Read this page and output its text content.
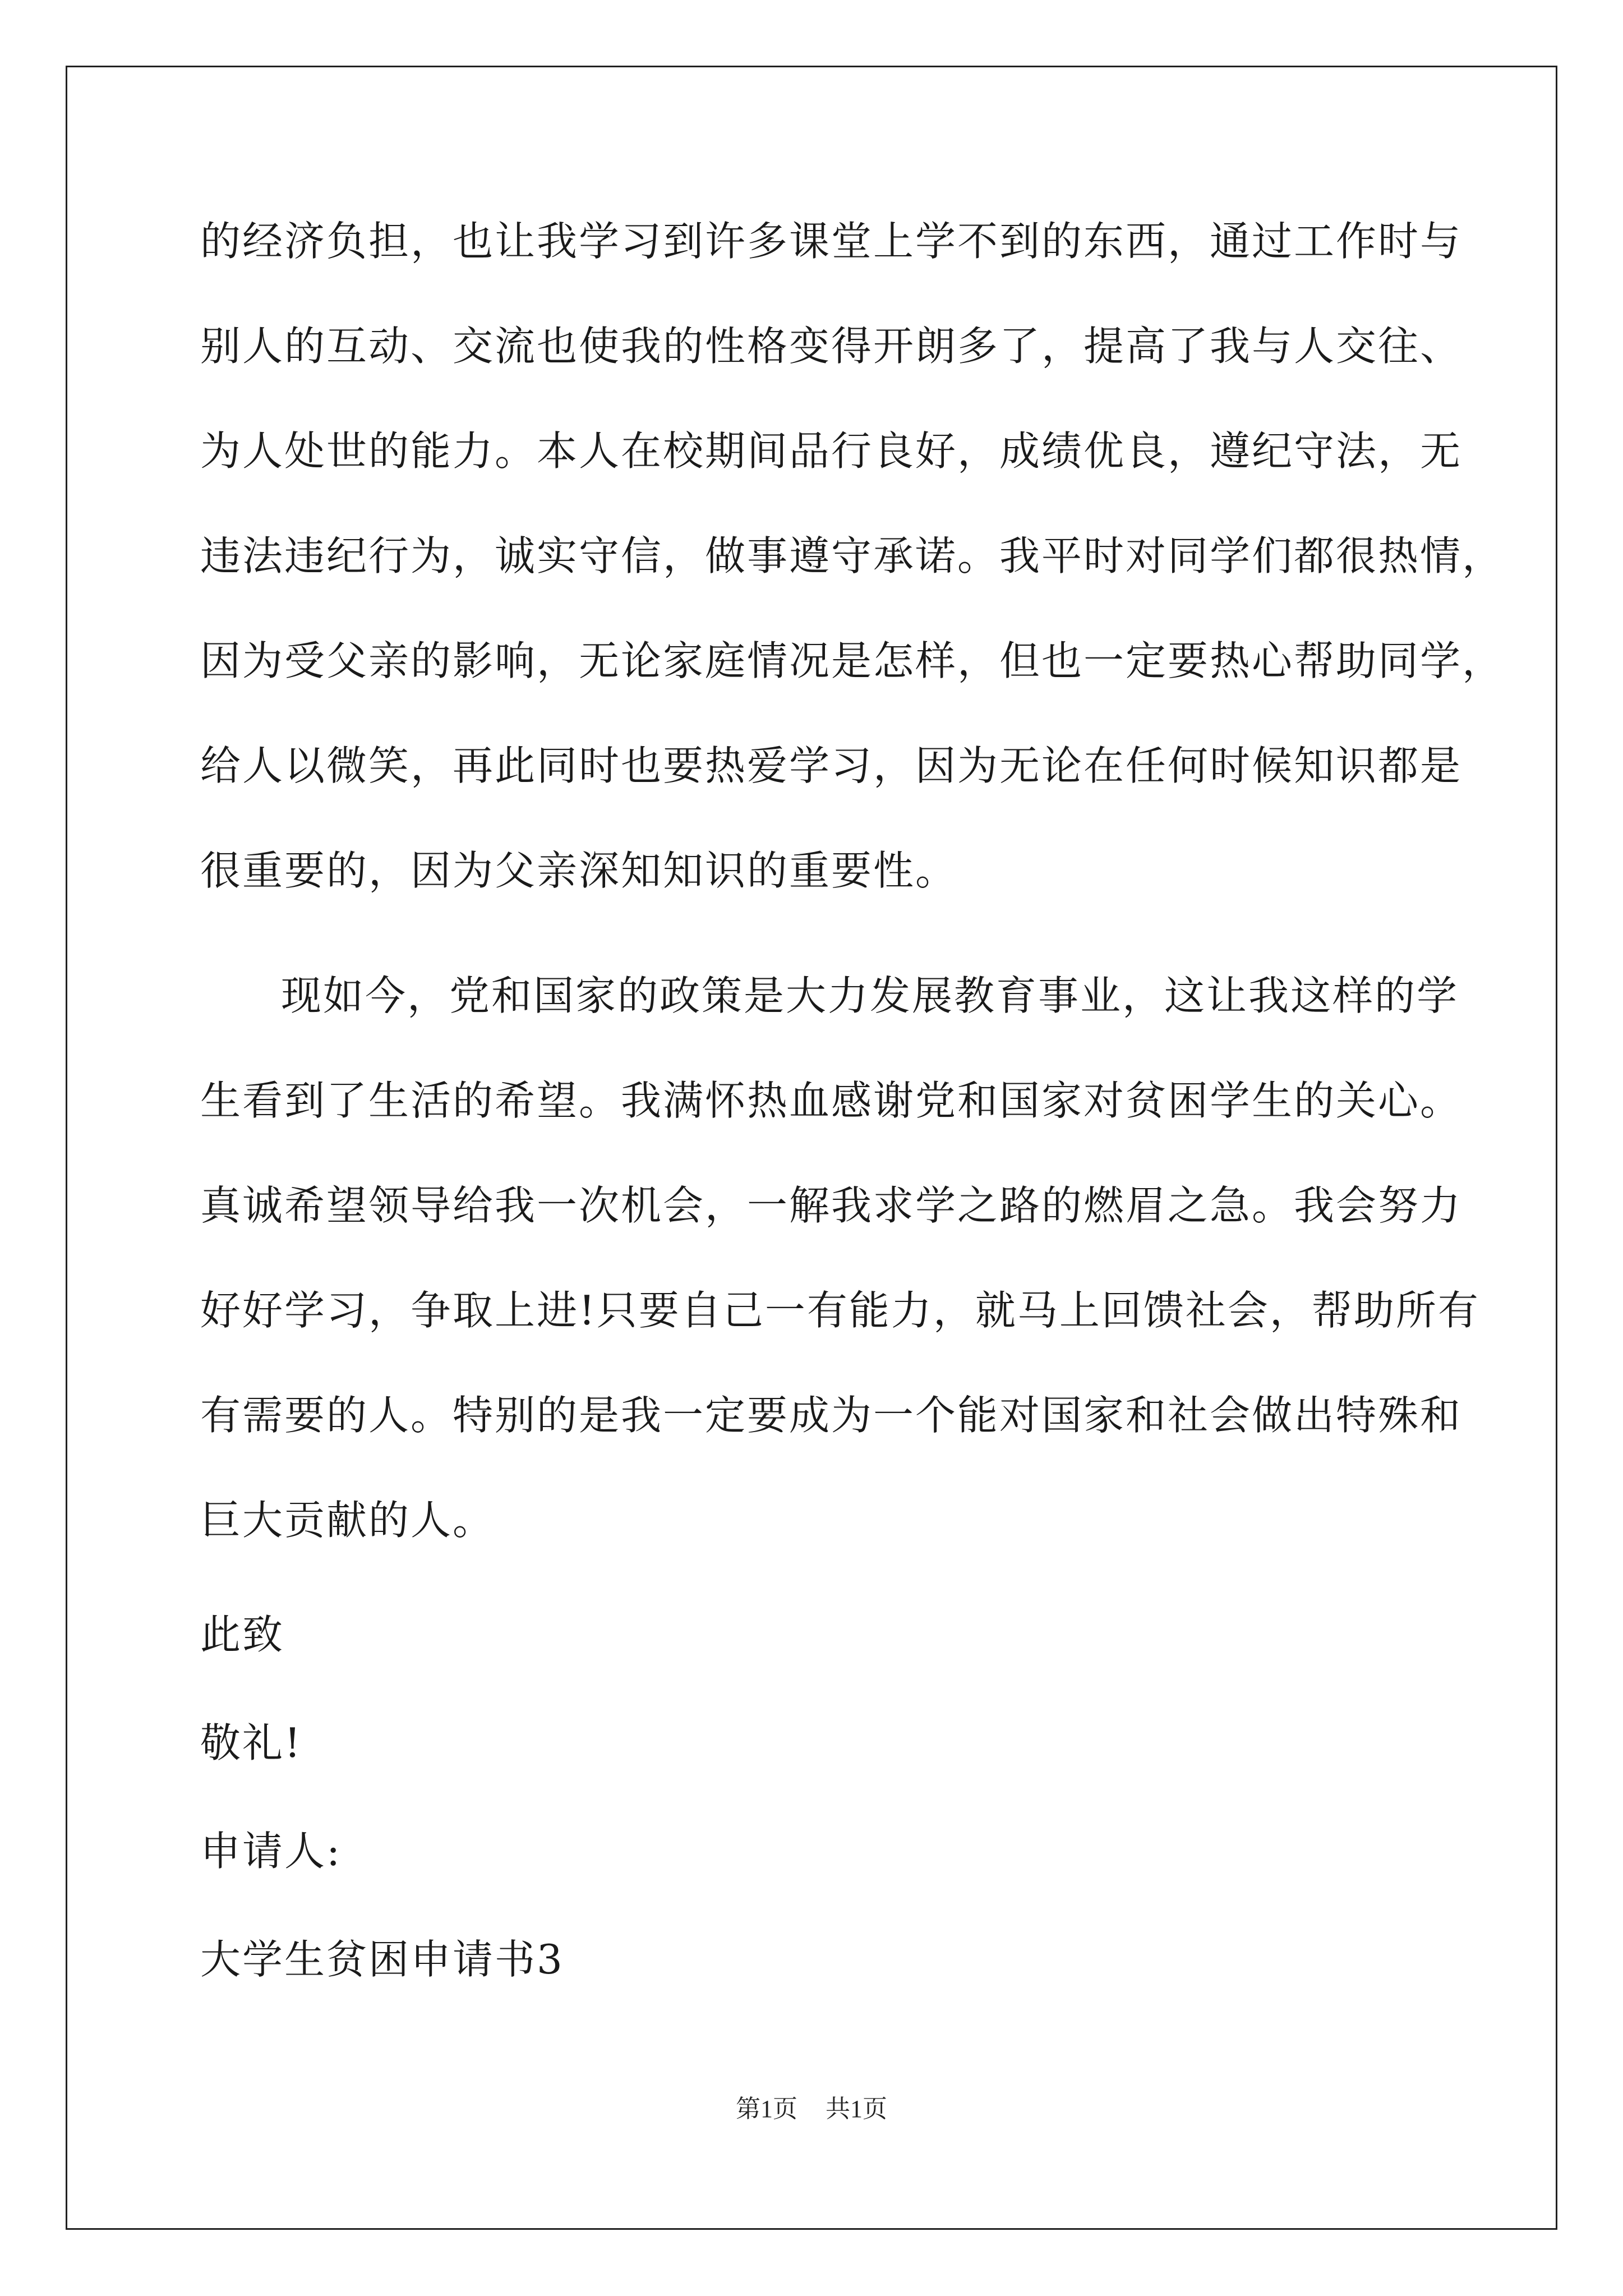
的经济负担，也让我学习到许多课堂上学不到的东西，通过工作时与
别人的互动、交流也使我的性格变得开朗多了，提高了我与人交往、
为人处世的能力。本人在校期间品行良好，成绩优良，遵纪守法，无
违法违纪行为，诚实守信，做事遵守承诺。我平时对同学们都很热情，
因为受父亲的影响，无论家庭情况是怎样，但也一定要热心帮助同学，
给人以微笑，再此同时也要热爱学习，因为无论在任何时候知识都是
很重要的，因为父亲深知知识的重要性。
现如今，党和国家的政策是大力发展教育事业，这让我这样的学
生看到了生活的希望。我满怀热血感谢党和国家对贫困学生的关心。
真诚希望领导给我一次机会，一解我求学之路的燃眉之急。我会努力
好好学习，争取上进!只要自己一有能力，就马上回馈社会，帮助所有
有需要的人。特别的是我一定要成为一个能对国家和社会做出特殊和
巨大贡献的人。
此致
敬礼!
申请人:
大学生贫困申请书3
第1页 共1页
